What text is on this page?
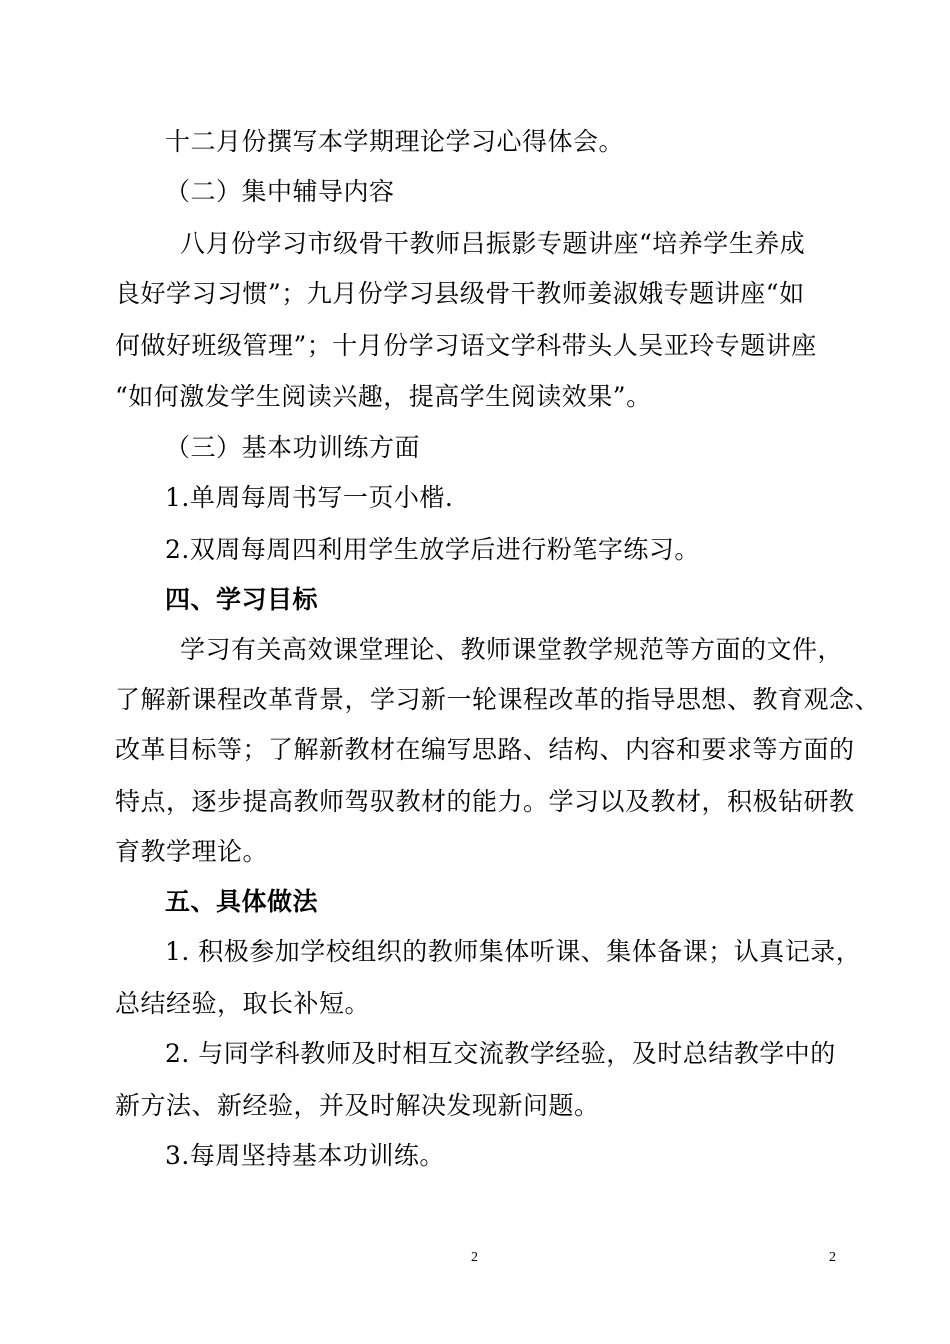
十二月份撰写本学期理论学习心得体会。
（二）集中辅导内容
八月份学习市级骨干教师吕振影专题讲座“培养学生养成
良好学习习惯”；九月份学习县级骨干教师姜淑娥专题讲座“如
何做好班级管理”；十月份学习语文学科带头人吴亚玲专题讲座
“如何激发学生阅读兴趣，提高学生阅读效果”。
（三）基本功训练方面
1.单周每周书写一页小楷.
2.双周每周四利用学生放学后进行粉笔字练习。
四、学习目标
学习有关高效课堂理论、教师课堂教学规范等方面的文件，
了解新课程改革背景，学习新一轮课程改革的指导思想、教育观念、
改革目标等；了解新教材在编写思路、结构、内容和要求等方面的
特点，逐步提高教师驾驭教材的能力。学习以及教材，积极钻研教
育教学理论。
五、具体做法
1. 积极参加学校组织的教师集体听课、集体备课；认真记录，
总结经验，取长补短。
2. 与同学科教师及时相互交流教学经验，及时总结教学中的
新方法、新经验，并及时解决发现新问题。
3.每周坚持基本功训练。
2	2
